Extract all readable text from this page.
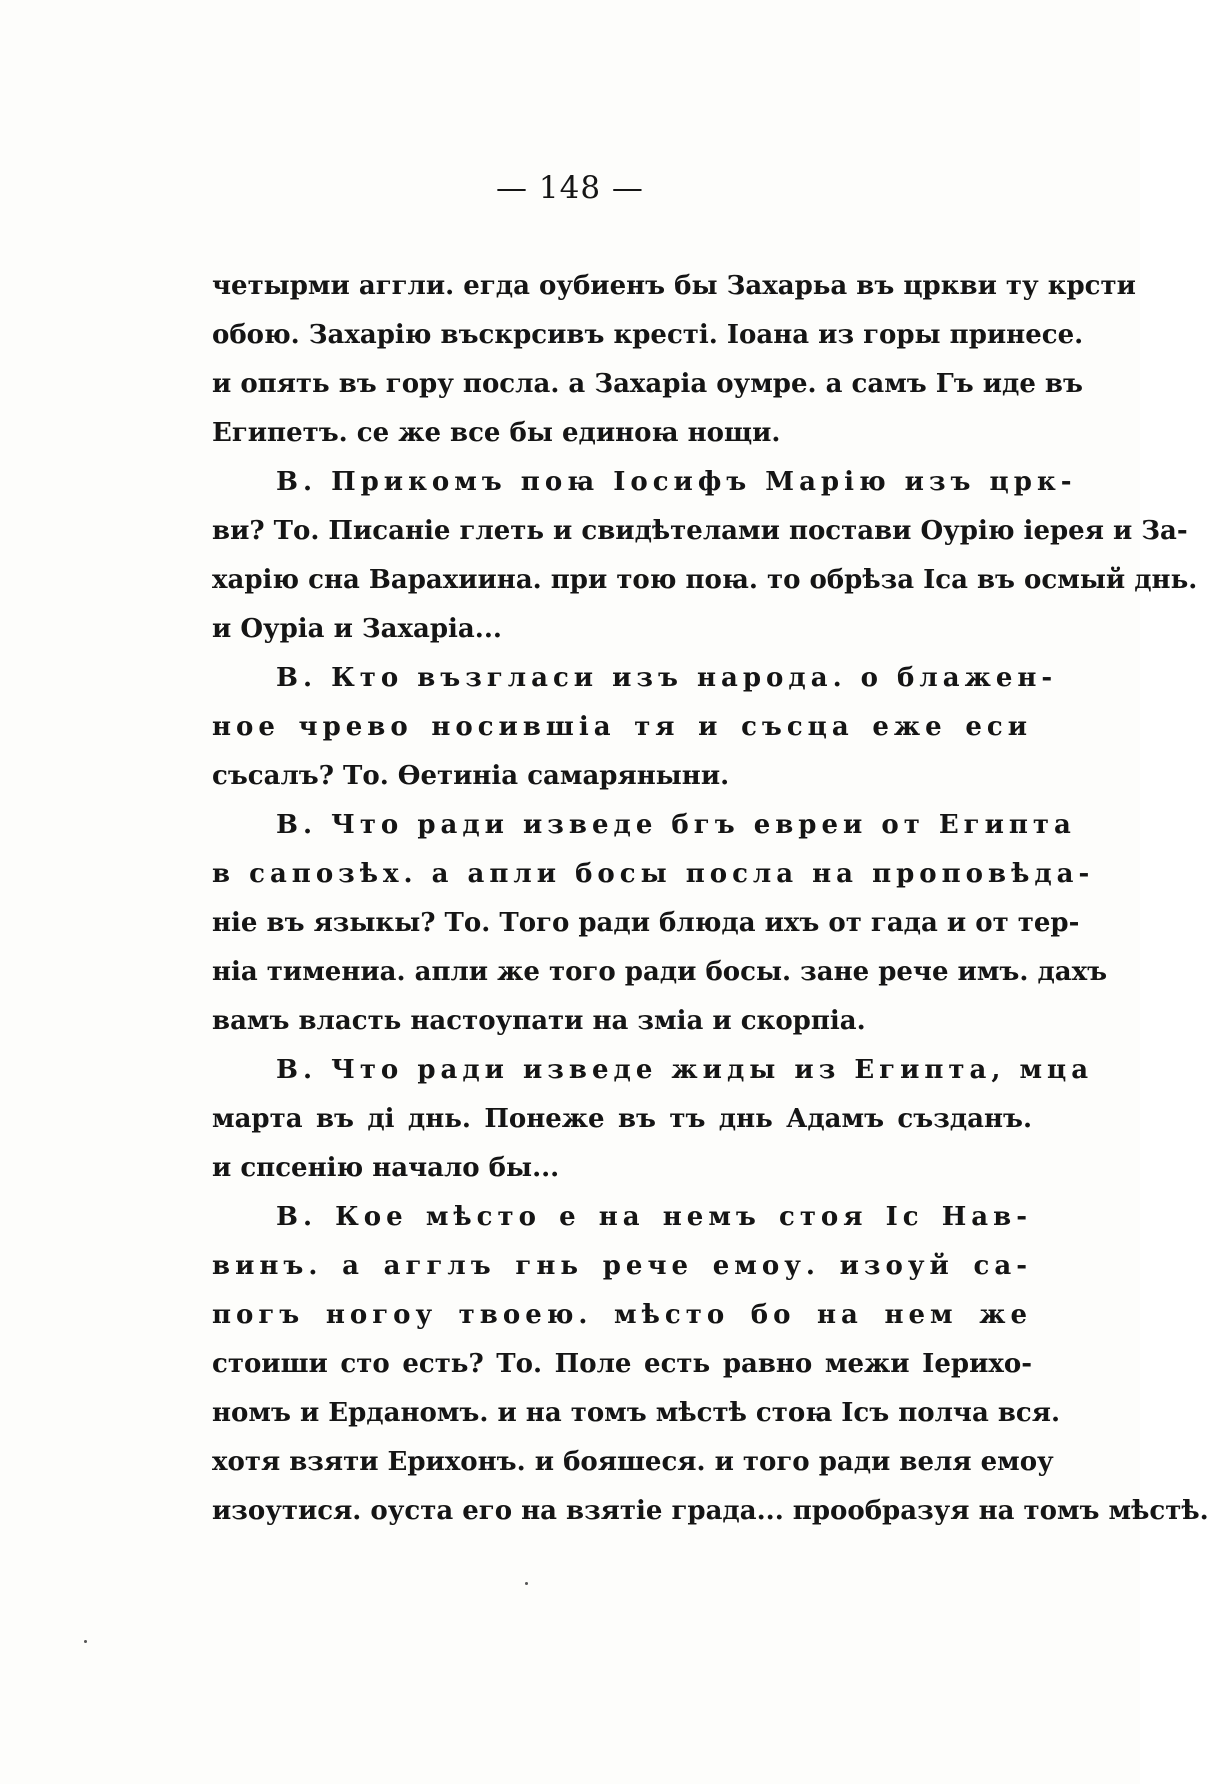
— 148 —
четырми аггли. егда оубиенъ бы Захарьа въ цркви ту крсти
обою. Захарію въскрсивъ кресті. Іоана из горы принесе.
и опять въ гору посла. а Захаріа оумре. а самъ Гъ иде въ
Египетъ. се же все бы единоꙗ нощи.
В. Прикомъ поꙗ Іосифъ Марію изъ црк-
ви? То. Писаніе глеть и свидѣтелами постави Оурію іерея и За-
харію сна Варахиина. при тою поꙗ. то обрѣза Іса въ осмый днь.
и Оуріа и Захаріа...
В. Кто възгласи изъ народа. о блажен-
ное чрево носившіа тя и съсца еже еси
съсалъ? То. Ѳетиніа самаряныни.
В. Что ради изведе бгъ евреи от Египта
в сапозѣх. а апли босы посла на проповѣда-
ніе въ языкы? То. Того ради блюда ихъ от гада и от тер-
ніа тимениа. апли же того ради босы. зане рече имъ. дахъ
вамъ власть настоупати на зміа и скорпіа.
В. Что ради изведе жиды из Египта, мца
марта въ ді днь. Понеже въ тъ днь Адамъ създанъ.
и спсенію начало бы...
В. Кое мѣсто е на немъ стоя Іс Нав-
винъ. а агглъ гнь рече емоу. изоуй са-
погъ ногоу твоею. мѣсто бо на нем же
стоиши сто есть? То. Поле есть равно межи Іерихо-
номъ и Ерданомъ. и на томъ мѣстѣ стоꙗ Ісъ полча вся.
хотя взяти Ерихонъ. и бояшеся. и того ради веля емоу
изоутися. оуста его на взятіе града... прообразуя на томъ мѣстѣ.
